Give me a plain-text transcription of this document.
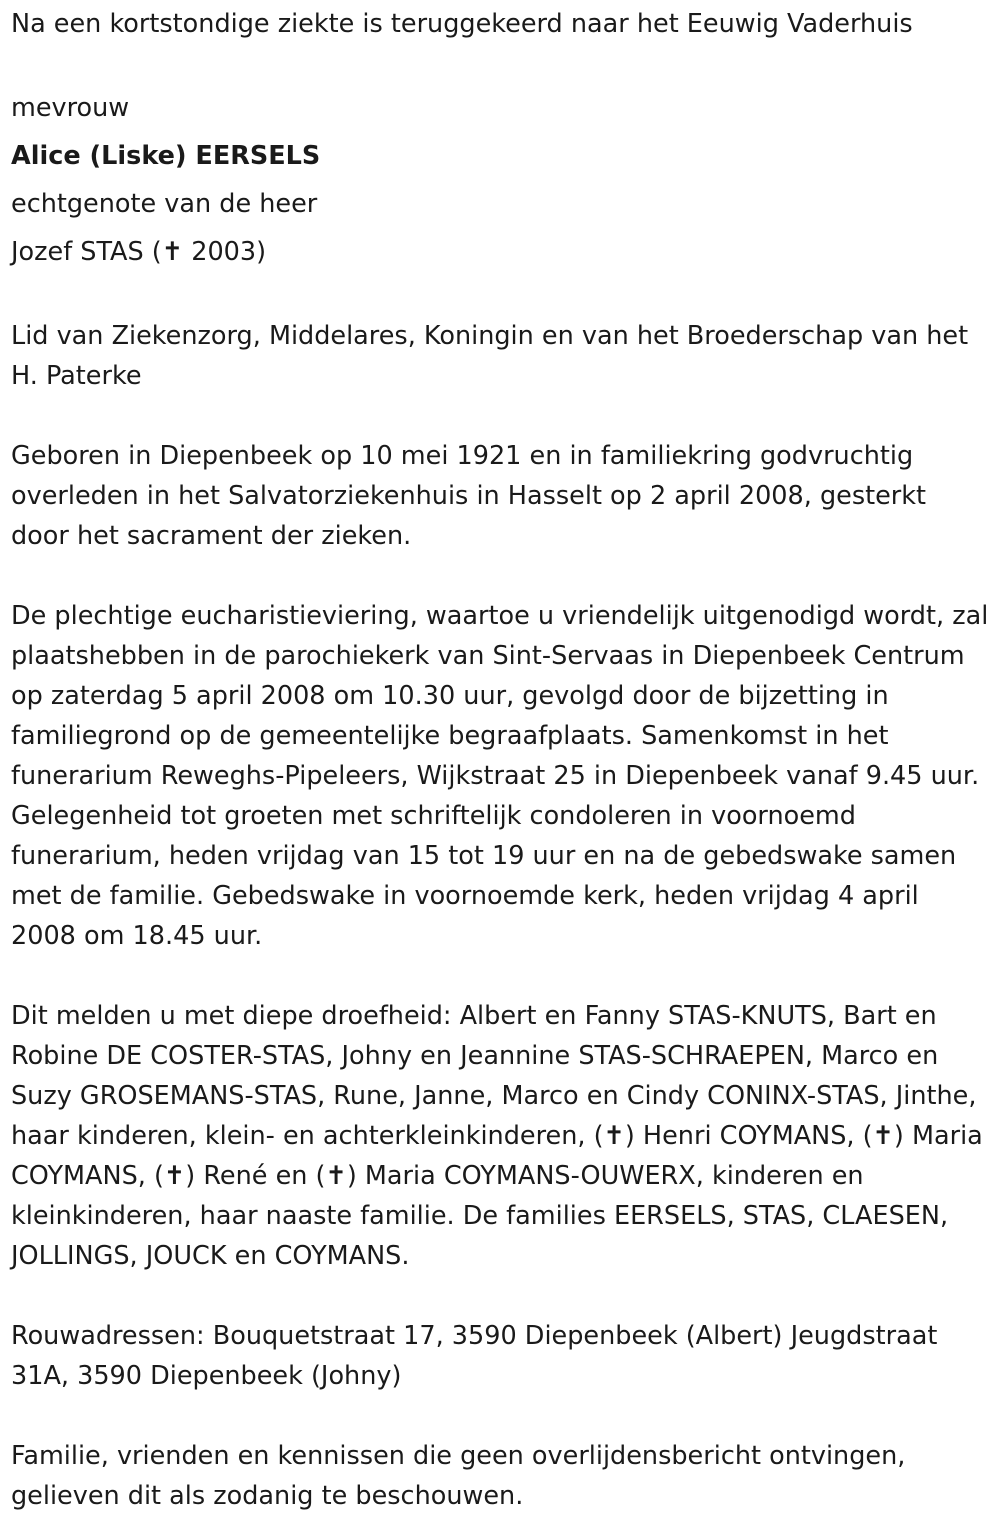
Na een kortstondige ziekte is teruggekeerd naar het Eeuwig Vaderhuis

mevrouw

Alice (Liske) EERSELS

echtgenote van de heer

Jozef STAS (✝ 2003)

Lid van Ziekenzorg, Middelares, Koningin en van het Broederschap van het H. Paterke

Geboren in Diepenbeek op 10 mei 1921 en in familiekring godvruchtig overleden in het Salvatorziekenhuis in Hasselt op 2 april 2008, gesterkt door het sacrament der zieken.

De plechtige eucharistieviering, waartoe u vriendelijk uitgenodigd wordt, zal plaatshebben in de parochiekerk van Sint-Servaas in Diepenbeek Centrum op zaterdag 5 april 2008 om 10.30 uur, gevolgd door de bijzetting in familiegrond op de gemeentelijke begraafplaats. Samenkomst in het funerarium Reweghs-Pipeleers, Wijkstraat 25 in Diepenbeek vanaf 9.45 uur. Gelegenheid tot groeten met schriftelijk condoleren in voornoemd funerarium, heden vrijdag van 15 tot 19 uur en na de gebedswake samen met de familie. Gebedswake in voornoemde kerk, heden vrijdag 4 april 2008 om 18.45 uur.

Dit melden u met diepe droefheid: Albert en Fanny STAS-KNUTS, Bart en Robine DE COSTER-STAS, Johny en Jeannine STAS-SCHRAEPEN, Marco en Suzy GROSEMANS-STAS, Rune, Janne, Marco en Cindy CONINX-STAS, Jinthe, haar kinderen, klein- en achterkleinkinderen, (✝) Henri COYMANS, (✝) Maria COYMANS, (✝) René en (✝) Maria COYMANS-OUWERX, kinderen en kleinkinderen, haar naaste familie. De families EERSELS, STAS, CLAESEN, JOLLINGS, JOUCK en COYMANS.

Rouwadressen: Bouquetstraat 17, 3590 Diepenbeek (Albert) Jeugdstraat 31A, 3590 Diepenbeek (Johny)

Familie, vrienden en kennissen die geen overlijdensbericht ontvingen, gelieven dit als zodanig te beschouwen.
